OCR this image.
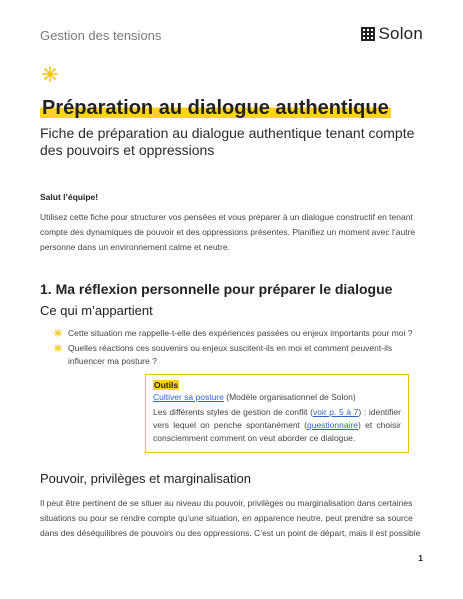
Gestion des tensions	Solon
Préparation au dialogue authentique
Fiche de préparation au dialogue authentique tenant compte des pouvoirs et oppressions
Salut l’équipe!
Utilisez cette fiche pour structurer vos pensées et vous préparer à un dialogue constructif en tenant compte des dynamiques de pouvoir et des oppressions présentes. Planifiez un moment avec l’autre personne dans un environnement calme et neutre.
1. Ma réflexion personnelle pour préparer le dialogue
Ce qui m’appartient
Cette situation me rappelle-t-elle des expériences passées ou enjeux importants pour moi ?
Quelles réactions ces souvenirs ou enjeux suscitent-ils en moi et comment peuvent-ils influencer ma posture ?
Outils
Cultiver sa posture (Modèle organisationnel de Solon)
Les différents styles de gestion de conflit (voir p. 5 à 7) : identifier vers lequel on penche spontanément (questionnaire) et choisir consciemment comment on veut aborder ce dialogue.
Pouvoir, privilèges et marginalisation
Il peut être pertinent de se situer au niveau du pouvoir, privilèges ou marginalisation dans certaines situations ou pour se rendre compte qu’une situation, en apparence neutre, peut prendre sa source dans des déséquilibres de pouvoirs ou des oppressions. C’est un point de départ, mais il est possible
1
